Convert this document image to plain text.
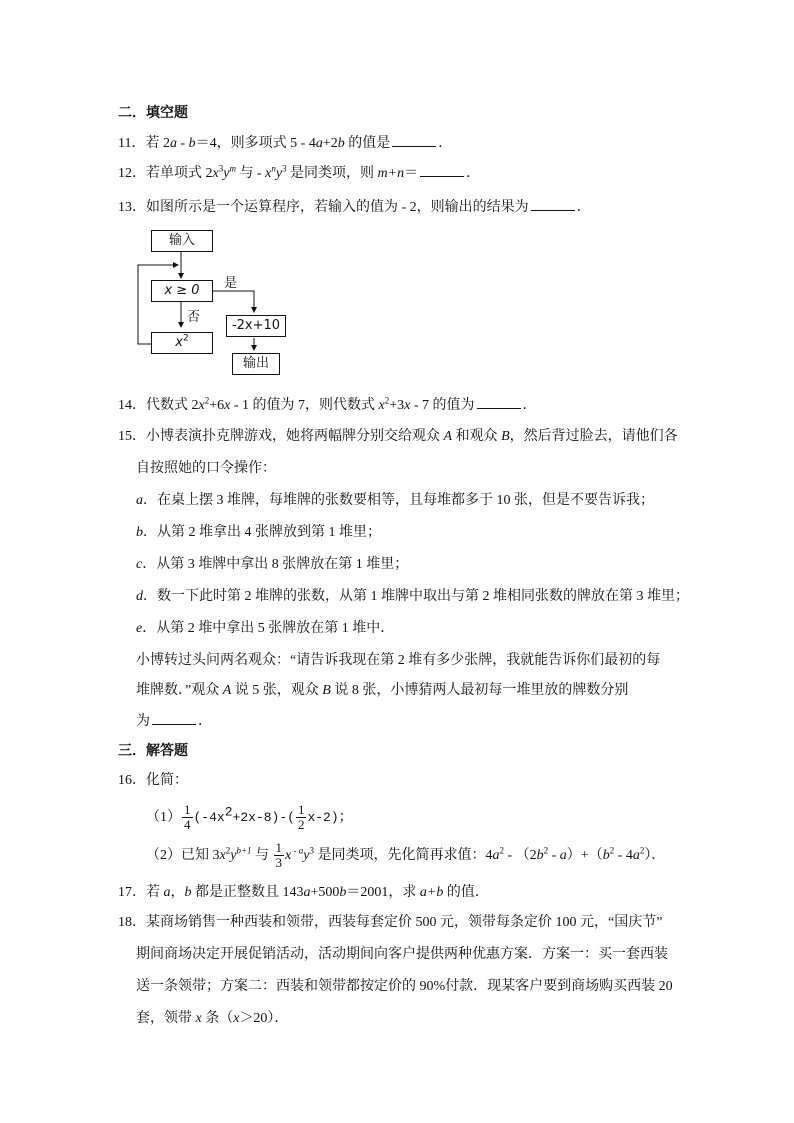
二．填空题
11．若 2a - b＝4，则多项式 5 - 4a+2b 的值是	．
12．若单项式 $2x^3y^m$ 与 - $x^ny^3$ 是同类项，则 m+n＝	．
13．如图所示是一个运算程序，若输入的值为 - 2，则输出的结果为	．
输入
x ≥ 0	是
否
-2x+10
$x^2$
输出
14．代数式 $2x^2+6x - 1$ 的值为 7，则代数式 $x^2+3x - 7$ 的值为	．
15．小博表演扑克牌游戏，她将两幅牌分别交给观众 A 和观众 B，然后背过脸去，请他们各
自按照她的口令操作：
a．在桌上摆 3 堆牌，每堆牌的张数要相等，且每堆都多于 10 张，但是不要告诉我；
b．从第 2 堆拿出 4 张牌放到第 1 堆里；
c．从第 3 堆牌中拿出 8 张牌放在第 1 堆里；
d．数一下此时第 2 堆牌的张数，从第 1 堆牌中取出与第 2 堆相同张数的牌放在第 3 堆里；
e．从第 2 堆中拿出 5 张牌放在第 1 堆中．
小博转过头问两名观众：“请告诉我现在第 2 堆有多少张牌，我就能告诉你们最初的每
堆牌数．”观众 A 说 5 张，观众 B 说 8 张，小博猜两人最初每一堆里放的牌数分别
为	．
三．解答题
16．化简：
$(1) \frac{1}{4} (-4x^2+2x-8)-( \frac{1}{2} x-2)$；
（2）已知 $3x^2y^{b+1}$ 与 $\frac{1}{3}$ x $^{- a}y^3$ 是同类项，先化简再求值：$4a^2 - (2b^2 - a)+(b^2 - 4a^2)$．
17．若 a，b 都是正整数且 143a+500b＝2001，求 a+b 的值．
18．某商场销售一种西装和领带，西装每套定价 500 元，领带每条定价 100 元，“国庆节”
期间商场决定开展促销活动，活动期间向客户提供两种优惠方案．方案一：买一套西装
送一条领带；方案二：西装和领带都按定价的 90%付款．现某客户要到商场购买西装 20
套，领带 x 条（x＞20）．
